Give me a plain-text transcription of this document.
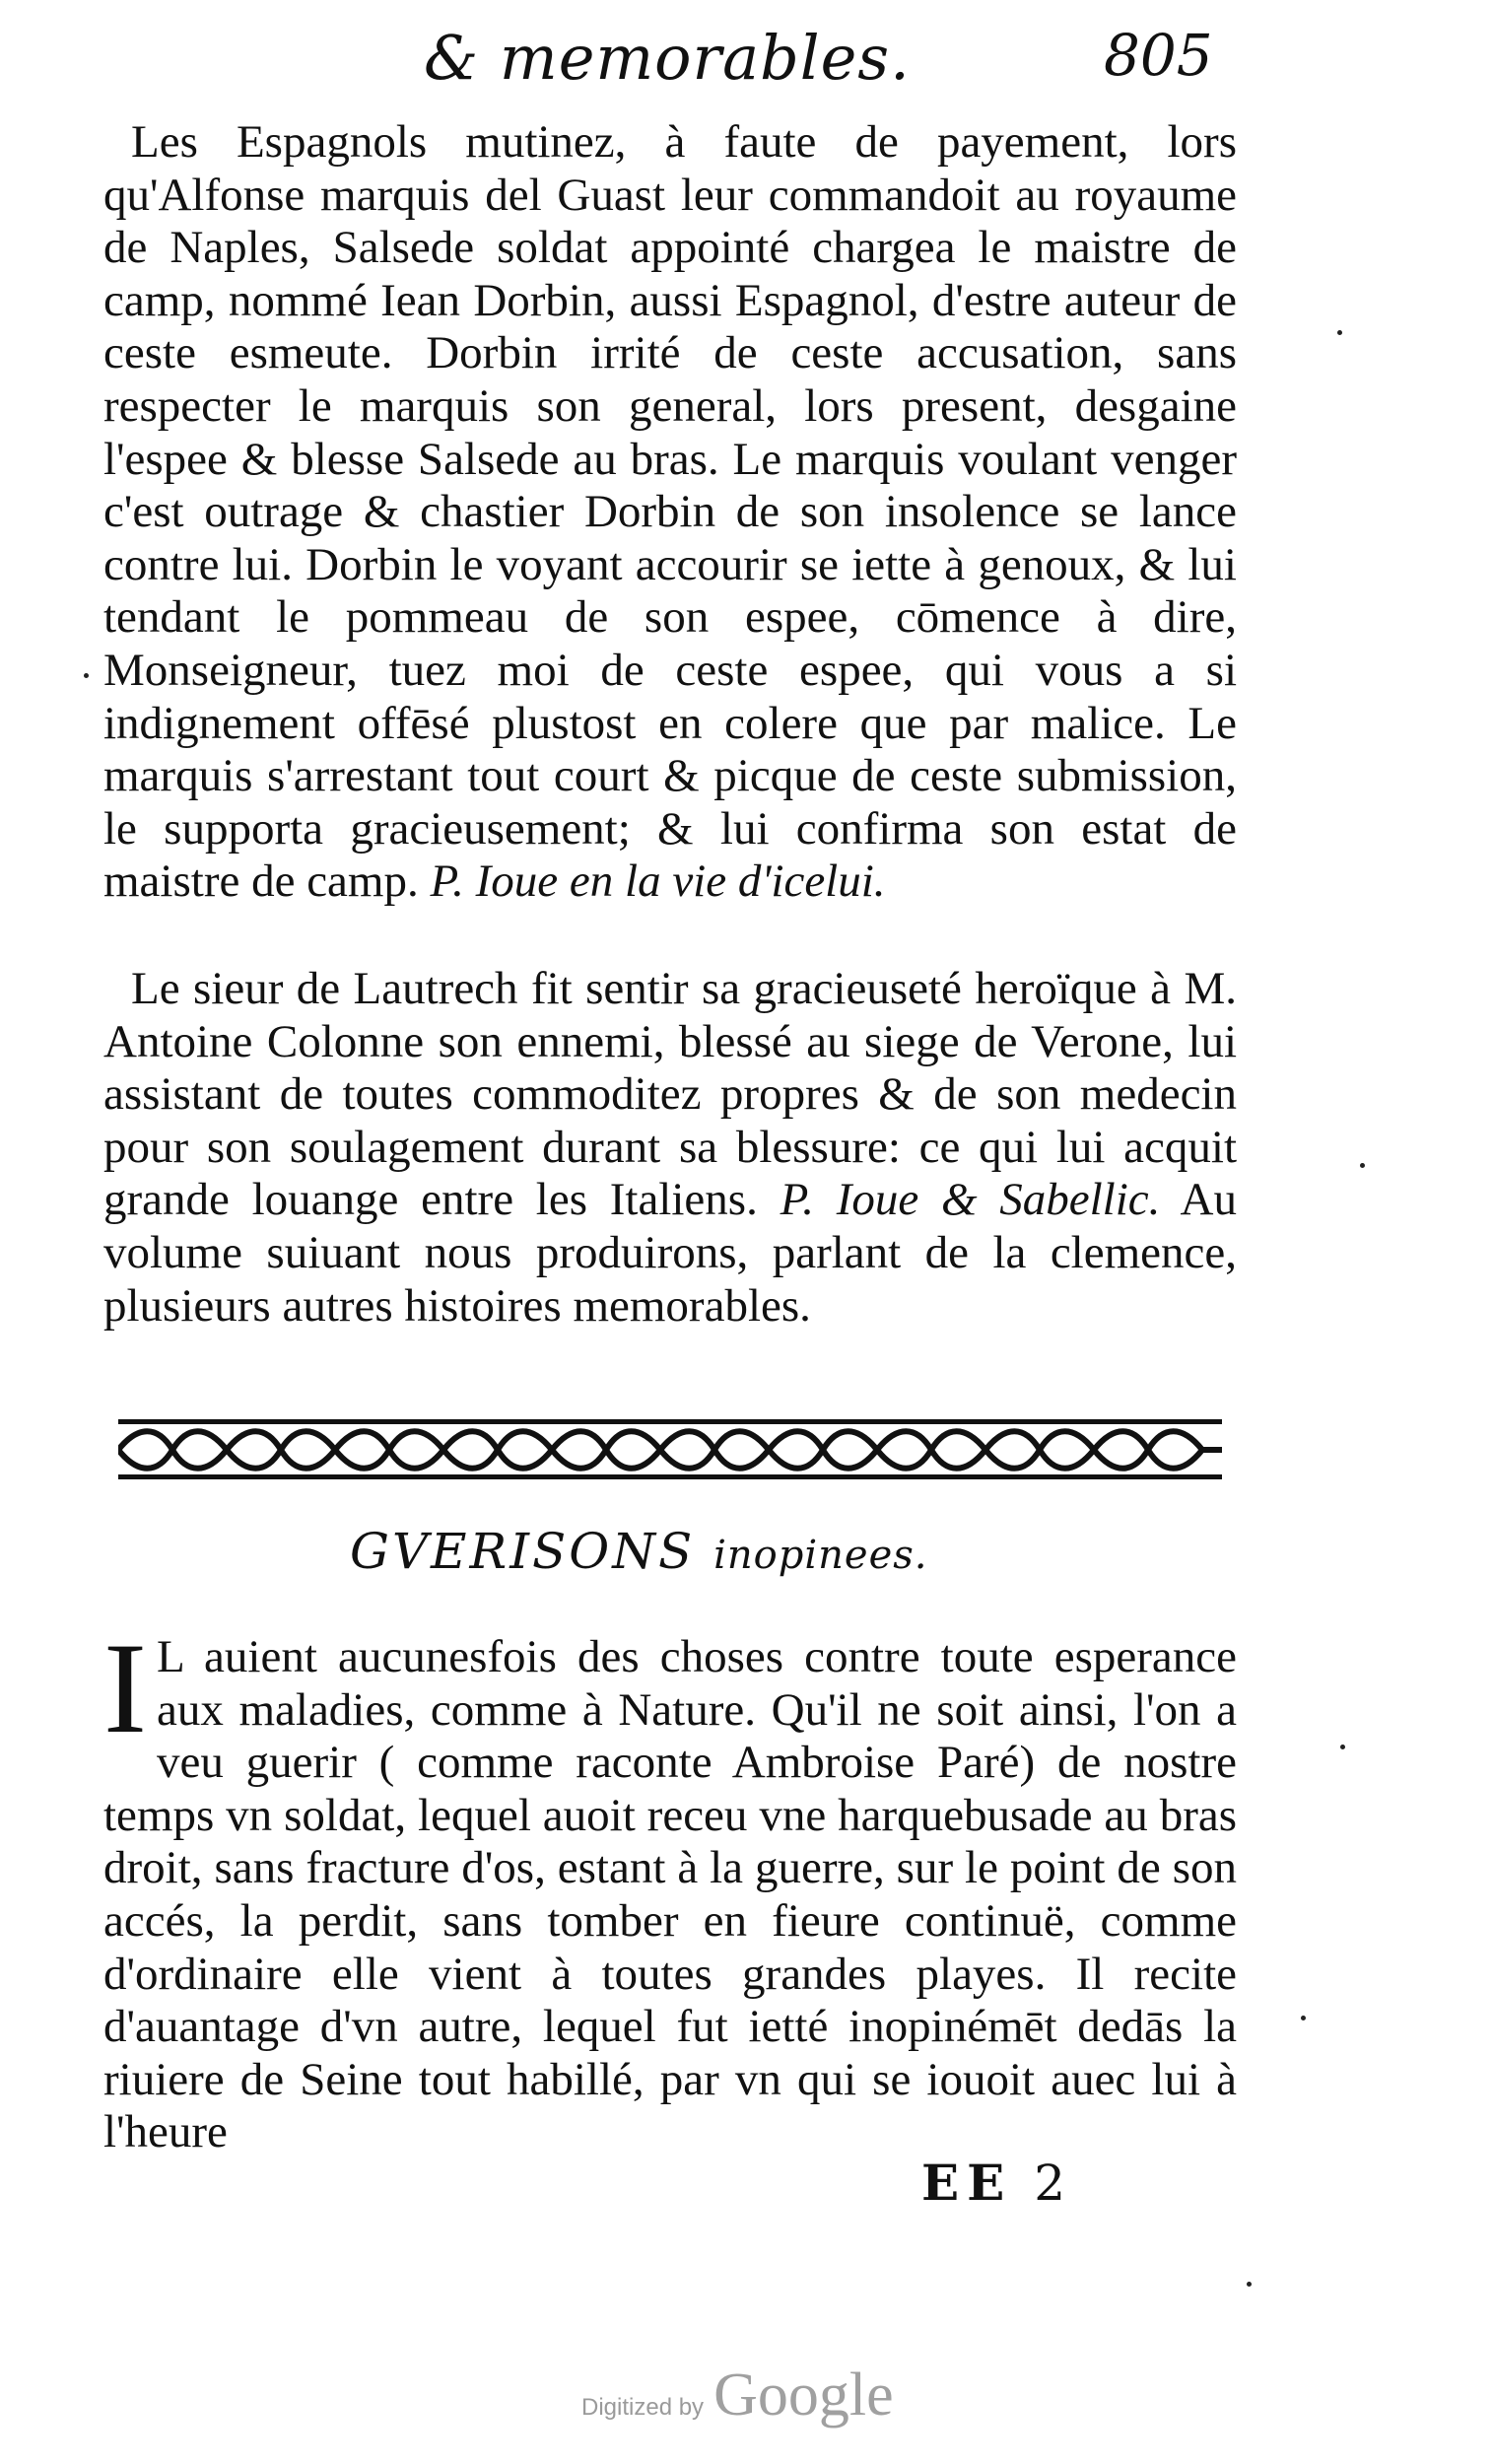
& memorables.	805

Les Espagnols mutinez, à faute de payement, lors qu'Alfonse marquis del Guast leur commandoit au royaume de Naples, Salsede soldat appointé chargea le maistre de camp, nommé Iean Dorbin, aussi Espagnol, d'estre auteur de ceste esmeute. Dorbin irrité de ceste accusation, sans respecter le marquis son general, lors present, desgaine l'espee & blesse Salsede au bras. Le marquis voulant venger c'est outrage & chastier Dorbin de son insolence se lance contre lui. Dorbin le voyant accourir se iette à genoux, & lui tendant le pommeau de son espee, cōmence à dire, Monseigneur, tuez moi de ceste espee, qui vous a si indignement offēsé plustost en colere que par malice. Le marquis s'arrestant tout court & picque de ceste submission, le supporta gracieusement; & lui confirma son estat de maistre de camp. P. Ioue en la vie d'icelui.

Le sieur de Lautrech fit sentir sa gracieuseté heroïque à M. Antoine Colonne son ennemi, blessé au siege de Verone, lui assistant de toutes commoditez propres & de son medecin pour son soulagement durant sa blessure: ce qui lui acquit grande louange entre les Italiens. P. Ioue & Sabellic. Au volume suiuant nous produirons, parlant de la clemence, plusieurs autres histoires memorables.

GVERISONS inopinees.

I L auient aucunesfois des choses contre toute esperance aux maladies, comme à Nature. Qu'il ne soit ainsi, l'on a veu guerir ( comme raconte Ambroise Paré) de nostre temps vn soldat, lequel auoit receu vne harquebusade au bras droit, sans fracture d'os, estant à la guerre, sur le point de son accés, la perdit, sans tomber en fieure continuë, comme d'ordinaire elle vient à toutes grandes playes. Il recite d'auantage d'vn autre, lequel fut ietté inopinémēt dedās la riuiere de Seine tout habillé, par vn qui se iouoit auec lui à l'heure

EE 2
Digitized by Google
